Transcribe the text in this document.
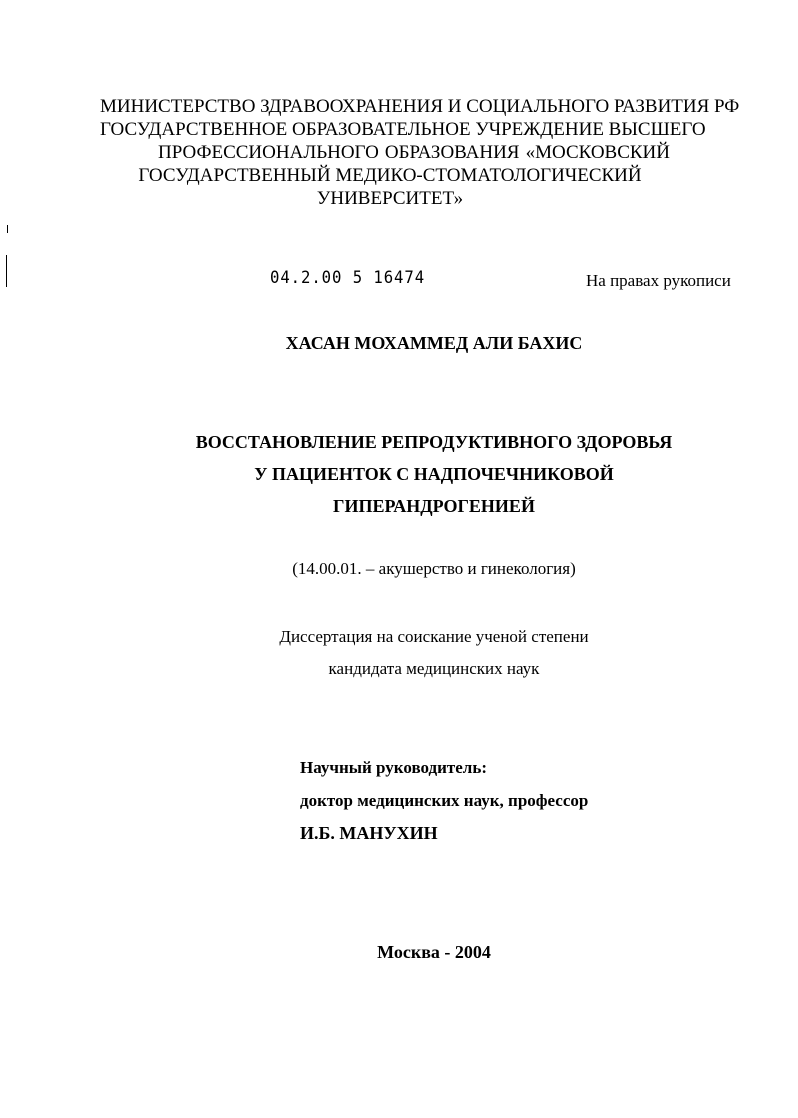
МИНИСТЕРСТВО ЗДРАВООХРАНЕНИЯ И СОЦИАЛЬНОГО РАЗВИТИЯ РФ
ГОСУДАРСТВЕННОЕ ОБРАЗОВАТЕЛЬНОЕ УЧРЕЖДЕНИЕ ВЫСШЕГО
ПРОФЕССИОНАЛЬНОГО ОБРАЗОВАНИЯ «МОСКОВСКИЙ
ГОСУДАРСТВЕННЫЙ МЕДИКО-СТОМАТОЛОГИЧЕСКИЙ
УНИВЕРСИТЕТ»
04.2.00 5 16474	На правах рукописи
ХАСАН МОХАММЕД АЛИ БАХИС
ВОССТАНОВЛЕНИЕ РЕПРОДУКТИВНОГО ЗДОРОВЬЯ
У ПАЦИЕНТОК С НАДПОЧЕЧНИКОВОЙ
ГИПЕРАНДРОГЕНИЕЙ
(14.00.01. – акушерство и гинекология)
Диссертация на соискание ученой степени
кандидата медицинских наук
Научный руководитель:
доктор медицинских наук, профессор
И.Б. МАНУХИН
Москва - 2004
